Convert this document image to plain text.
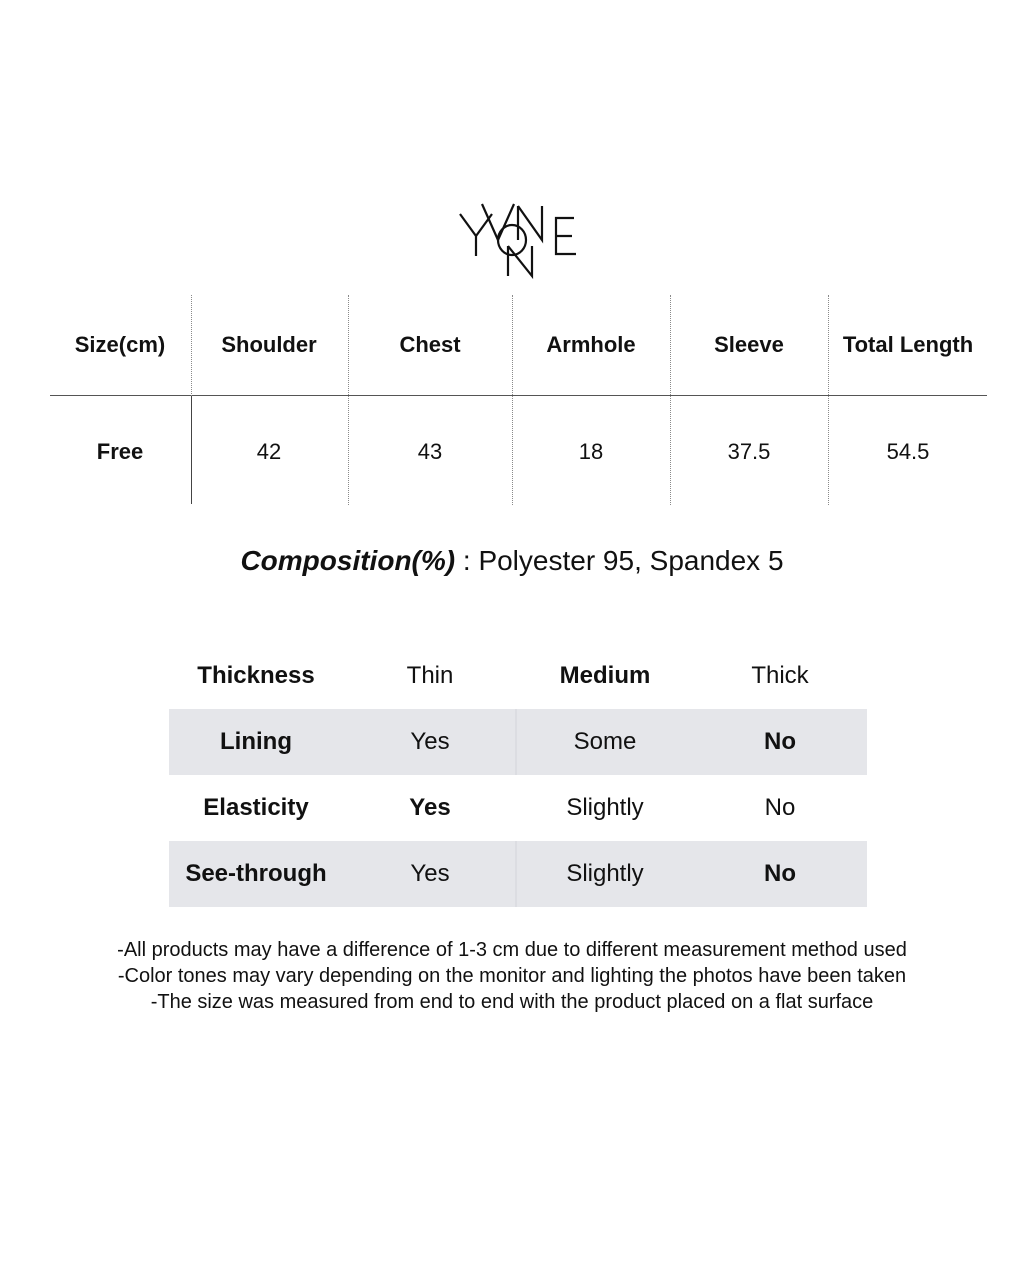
Size(cm)	Shoulder	Chest	Armhole	Sleeve	Total Length
Free	42	43	18	37.5	54.5
Composition(%) : Polyester 95, Spandex 5
Thickness	Thin	Medium	Thick
Lining	Yes	Some	No
Elasticity	Yes	Slightly	No
See-through	Yes	Slightly	No
-All products may have a difference of 1-3 cm due to different measurement method used
-Color tones may vary depending on the monitor and lighting the photos have been taken
-The size was measured from end to end with the product placed on a flat surface
